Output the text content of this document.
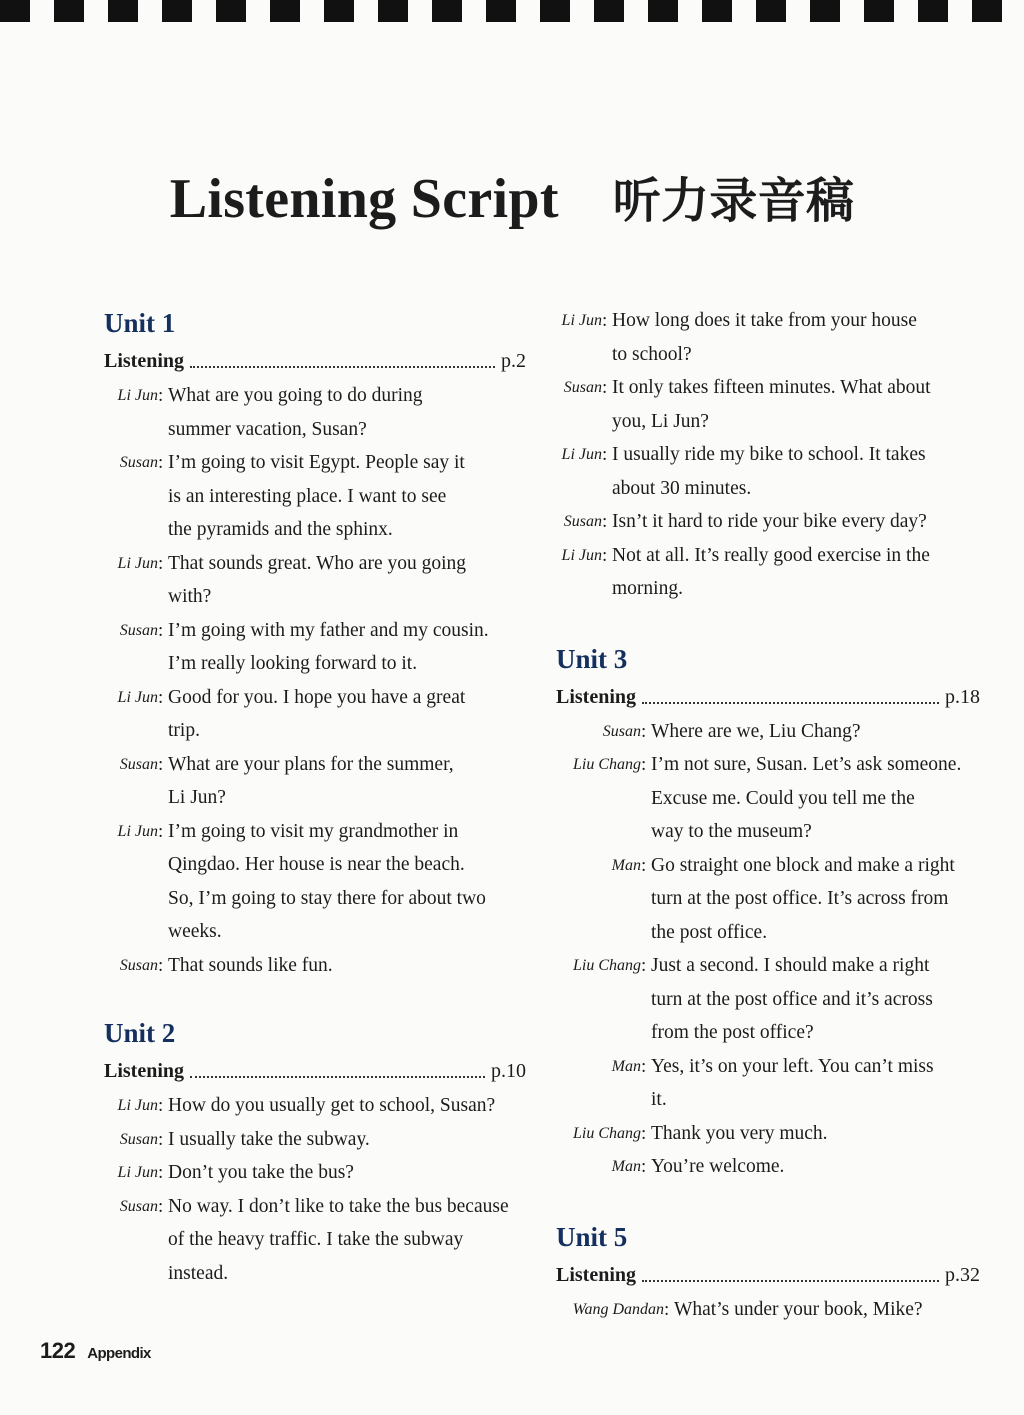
Listening Script 听力录音稿
Unit 1
Listening	p.2
Li Jun : What are you going to do during
summer vacation, Susan?
Susan : I’m going to visit Egypt. People say it
is an interesting place. I want to see
the pyramids and the sphinx.
Li Jun : That sounds great. Who are you going
with?
Susan : I’m going with my father and my cousin.
I’m really looking forward to it.
Li Jun : Good for you. I hope you have a great
trip.
Susan : What are your plans for the summer,
Li Jun?
Li Jun : I’m going to visit my grandmother in
Qingdao. Her house is near the beach.
So, I’m going to stay there for about two
weeks.
Susan : That sounds like fun.
Unit 2
Listening	p.10
Li Jun : How do you usually get to school, Susan?
Susan : I usually take the subway.
Li Jun : Don’t you take the bus?
Susan : No way. I don’t like to take the bus because
of the heavy traffic. I take the subway
instead.
Li Jun : How long does it take from your house
to school?
Susan : It only takes fifteen minutes. What about
you, Li Jun?
Li Jun : I usually ride my bike to school. It takes
about 30 minutes.
Susan : Isn’t it hard to ride your bike every day?
Li Jun : Not at all. It’s really good exercise in the
morning.
Unit 3
Listening	p.18
Susan : Where are we, Liu Chang?
Liu Chang : I’m not sure, Susan. Let’s ask someone.
Excuse me. Could you tell me the
way to the museum?
Man : Go straight one block and make a right
turn at the post office. It’s across from
the post office.
Liu Chang : Just a second. I should make a right
turn at the post office and it’s across
from the post office?
Man : Yes, it’s on your left. You can’t miss
it.
Liu Chang : Thank you very much.
Man : You’re welcome.
Unit 5
Listening	p.32
Wang Dandan : What’s under your book, Mike?
122 Appendix
